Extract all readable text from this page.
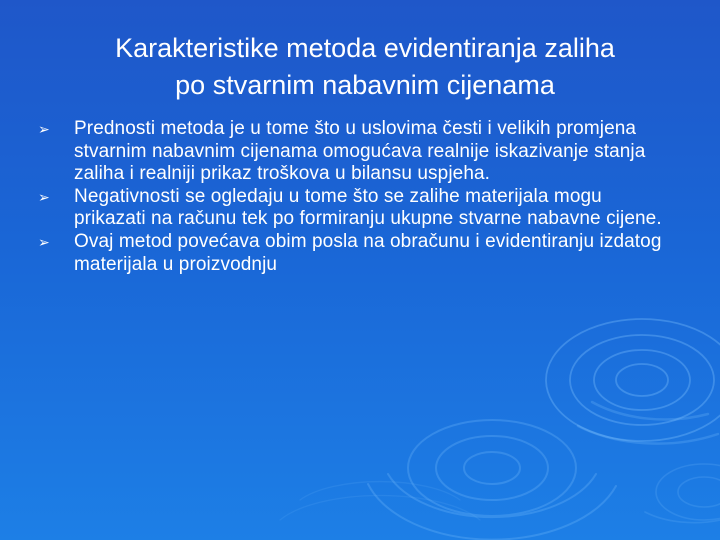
Karakteristike metoda evidentiranja zaliha
po stvarnim nabavnim cijenama
➢	Prednosti metoda je u tome što u uslovima česti i velikih promjena stvarnim nabavnim cijenama omogućava realnije iskazivanje stanja zaliha i realniji prikaz troškova u bilansu uspjeha.
➢	Negativnosti se ogledaju u tome što se zalihe materijala mogu prikazati na računu tek po formiranju ukupne stvarne nabavne cijene.
➢	Ovaj metod povećava obim posla na obračunu i evidentiranju izdatog materijala u proizvodnju
